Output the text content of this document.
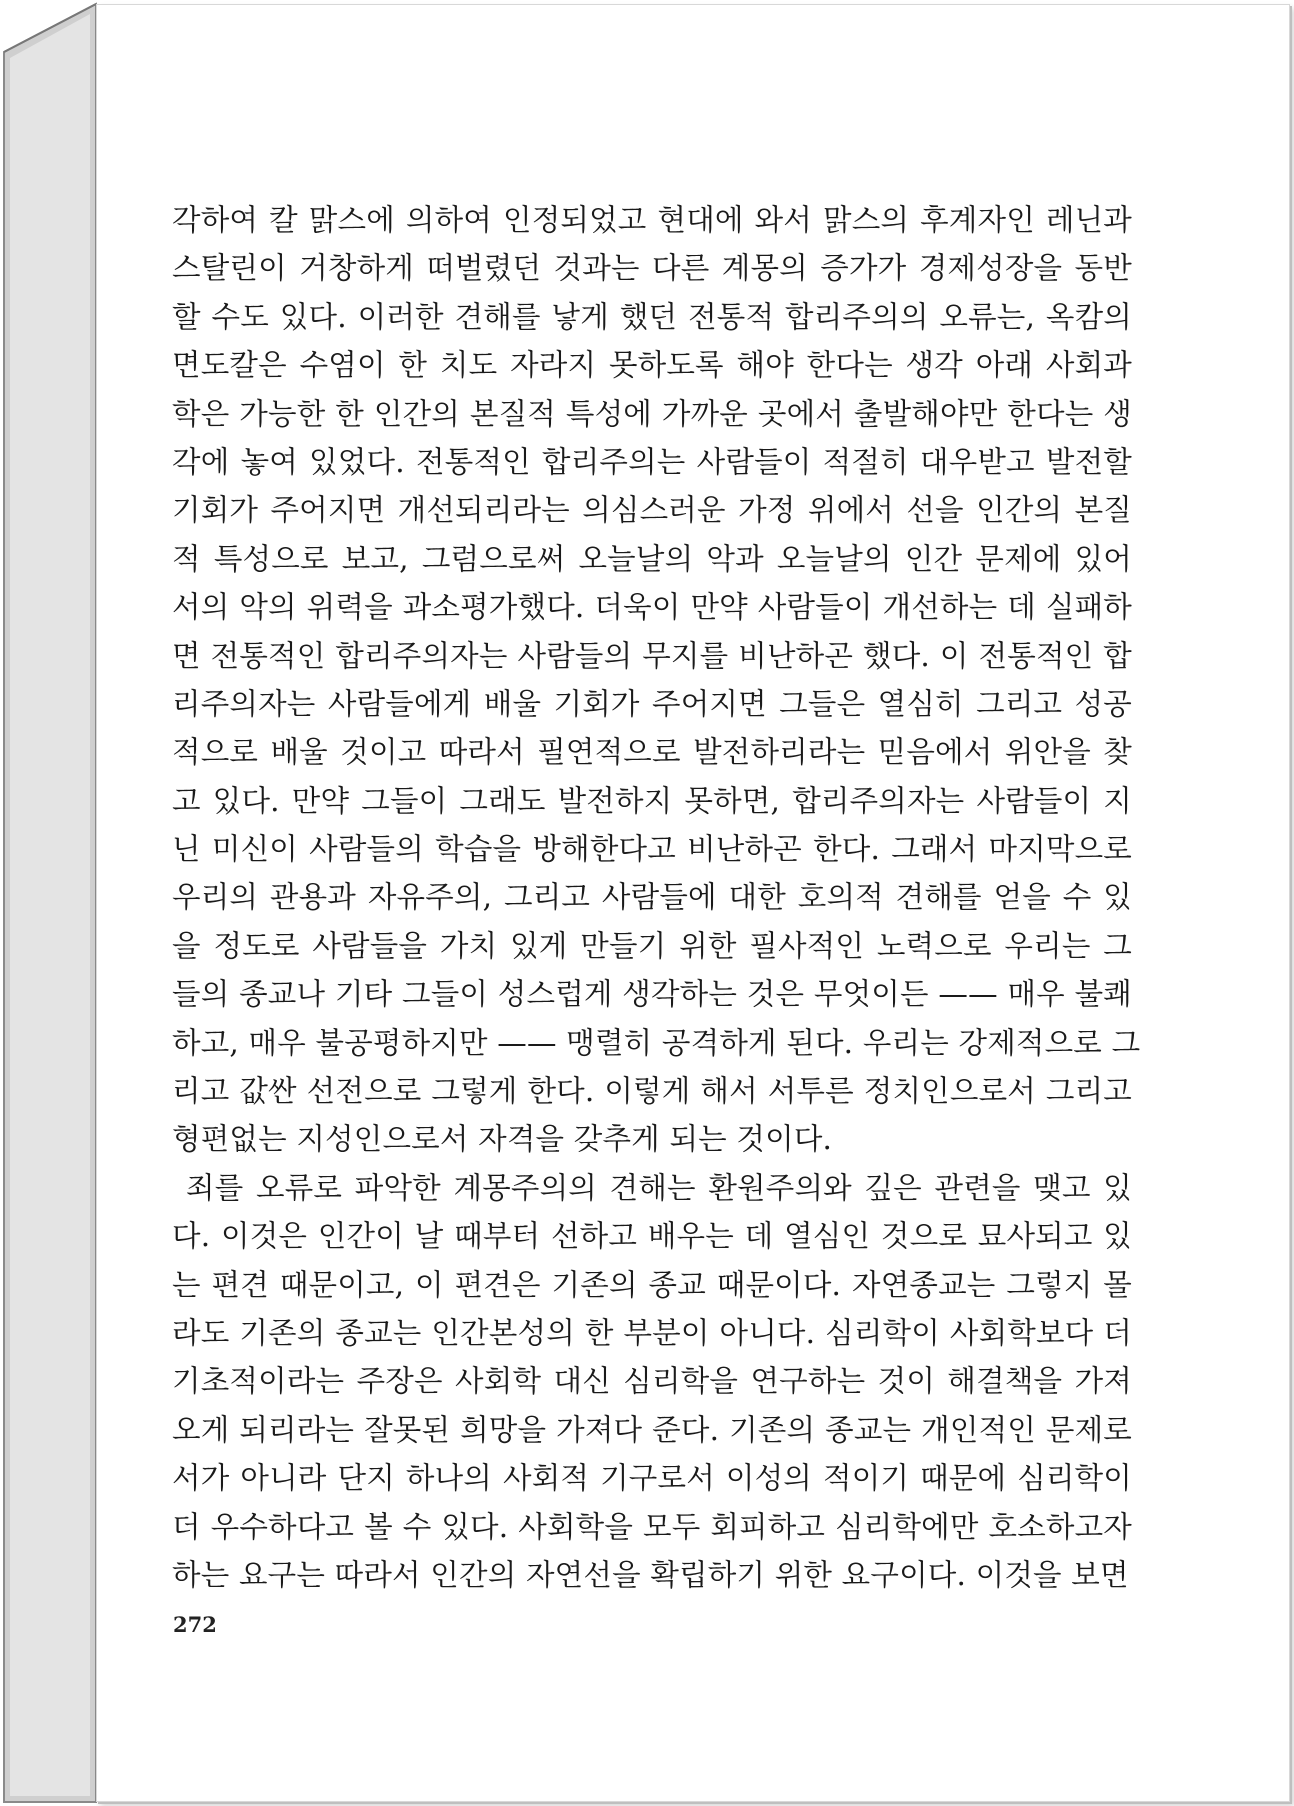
각하여 칼 맑스에 의하여 인정되었고 현대에 와서 맑스의 후계자인 레닌과
스탈린이 거창하게 떠벌렸던 것과는 다른 계몽의 증가가 경제성장을 동반
할 수도 있다. 이러한 견해를 낳게 했던 전통적 합리주의의 오류는, 옥캄의
면도칼은 수염이 한 치도 자라지 못하도록 해야 한다는 생각 아래 사회과
학은 가능한 한 인간의 본질적 특성에 가까운 곳에서 출발해야만 한다는 생
각에 놓여 있었다. 전통적인 합리주의는 사람들이 적절히 대우받고 발전할
기회가 주어지면 개선되리라는 의심스러운 가정 위에서 선을 인간의 본질
적 특성으로 보고, 그럼으로써 오늘날의 악과 오늘날의 인간 문제에 있어
서의 악의 위력을 과소평가했다. 더욱이 만약 사람들이 개선하는 데 실패하
면 전통적인 합리주의자는 사람들의 무지를 비난하곤 했다. 이 전통적인 합
리주의자는 사람들에게 배울 기회가 주어지면 그들은 열심히 그리고 성공
적으로 배울 것이고 따라서 필연적으로 발전하리라는 믿음에서 위안을 찾
고 있다. 만약 그들이 그래도 발전하지 못하면, 합리주의자는 사람들이 지
닌 미신이 사람들의 학습을 방해한다고 비난하곤 한다. 그래서 마지막으로
우리의 관용과 자유주의, 그리고 사람들에 대한 호의적 견해를 얻을 수 있
을 정도로 사람들을 가치 있게 만들기 위한 필사적인 노력으로 우리는 그
들의 종교나 기타 그들이 성스럽게 생각하는 것은 무엇이든 —— 매우 불쾌
하고, 매우 불공평하지만 —— 맹렬히 공격하게 된다. 우리는 강제적으로 그
리고 값싼 선전으로 그렇게 한다. 이렇게 해서 서투른 정치인으로서 그리고
형편없는 지성인으로서 자격을 갖추게 되는 것이다.
죄를 오류로 파악한 계몽주의의 견해는 환원주의와 깊은 관련을 맺고 있
다. 이것은 인간이 날 때부터 선하고 배우는 데 열심인 것으로 묘사되고 있
는 편견 때문이고, 이 편견은 기존의 종교 때문이다. 자연종교는 그렇지 몰
라도 기존의 종교는 인간본성의 한 부분이 아니다. 심리학이 사회학보다 더
기초적이라는 주장은 사회학 대신 심리학을 연구하는 것이 해결책을 가져
오게 되리라는 잘못된 희망을 가져다 준다. 기존의 종교는 개인적인 문제로
서가 아니라 단지 하나의 사회적 기구로서 이성의 적이기 때문에 심리학이
더 우수하다고 볼 수 있다. 사회학을 모두 회피하고 심리학에만 호소하고자
하는 요구는 따라서 인간의 자연선을 확립하기 위한 요구이다. 이것을 보면
272
